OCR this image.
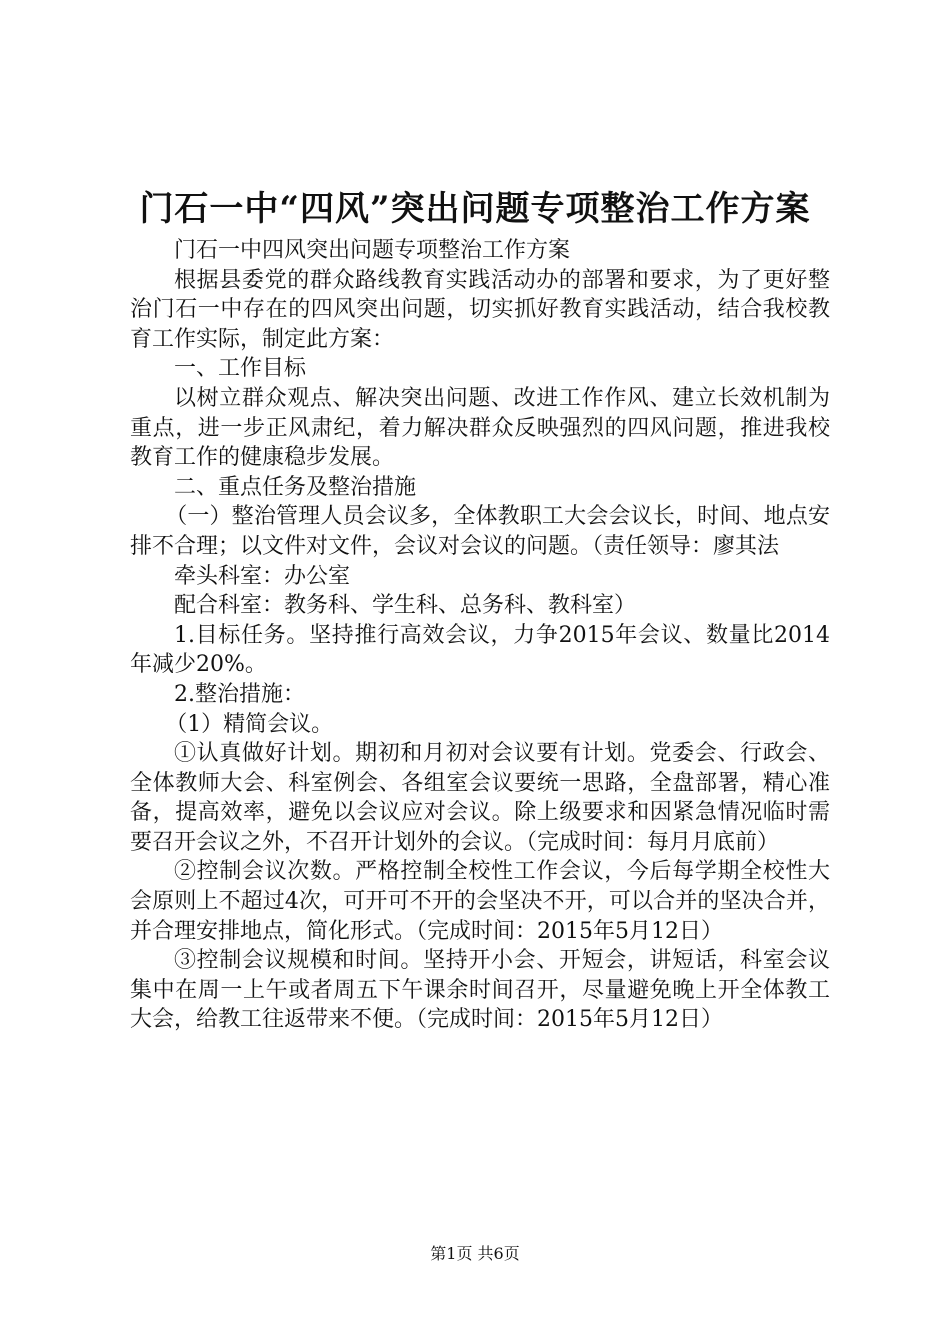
门石一中“四风”突出问题专项整治工作方案

门石一中四风突出问题专项整治工作方案

根据县委党的群众路线教育实践活动办的部署和要求，为了更好整治门石一中存在的四风突出问题，切实抓好教育实践活动，结合我校教育工作实际，制定此方案：

一、工作目标

以树立群众观点、解决突出问题、改进工作作风、建立长效机制为重点，进一步正风肃纪，着力解决群众反映强烈的四风问题，推进我校教育工作的健康稳步发展。

二、重点任务及整治措施

（一）整治管理人员会议多，全体教职工大会会议长，时间、地点安排不合理；以文件对文件，会议对会议的问题。（责任领导：廖其法

牵头科室：办公室

配合科室：教务科、学生科、总务科、教科室）

1.目标任务。坚持推行高效会议，力争2015年会议、数量比2014年减少20%。

2.整治措施：

（1）精简会议。

①认真做好计划。期初和月初对会议要有计划。党委会、行政会、全体教师大会、科室例会、各组室会议要统一思路，全盘部署，精心准备，提高效率，避免以会议应对会议。除上级要求和因紧急情况临时需要召开会议之外，不召开计划外的会议。（完成时间：每月月底前）

②控制会议次数。严格控制全校性工作会议，今后每学期全校性大会原则上不超过4次，可开可不开的会坚决不开，可以合并的坚决合并，并合理安排地点，简化形式。（完成时间：2015年5月12日）

③控制会议规模和时间。坚持开小会、开短会，讲短话，科室会议集中在周一上午或者周五下午课余时间召开，尽量避免晚上开全体教工大会，给教工往返带来不便。（完成时间：2015年5月12日）

第1页 共6页
